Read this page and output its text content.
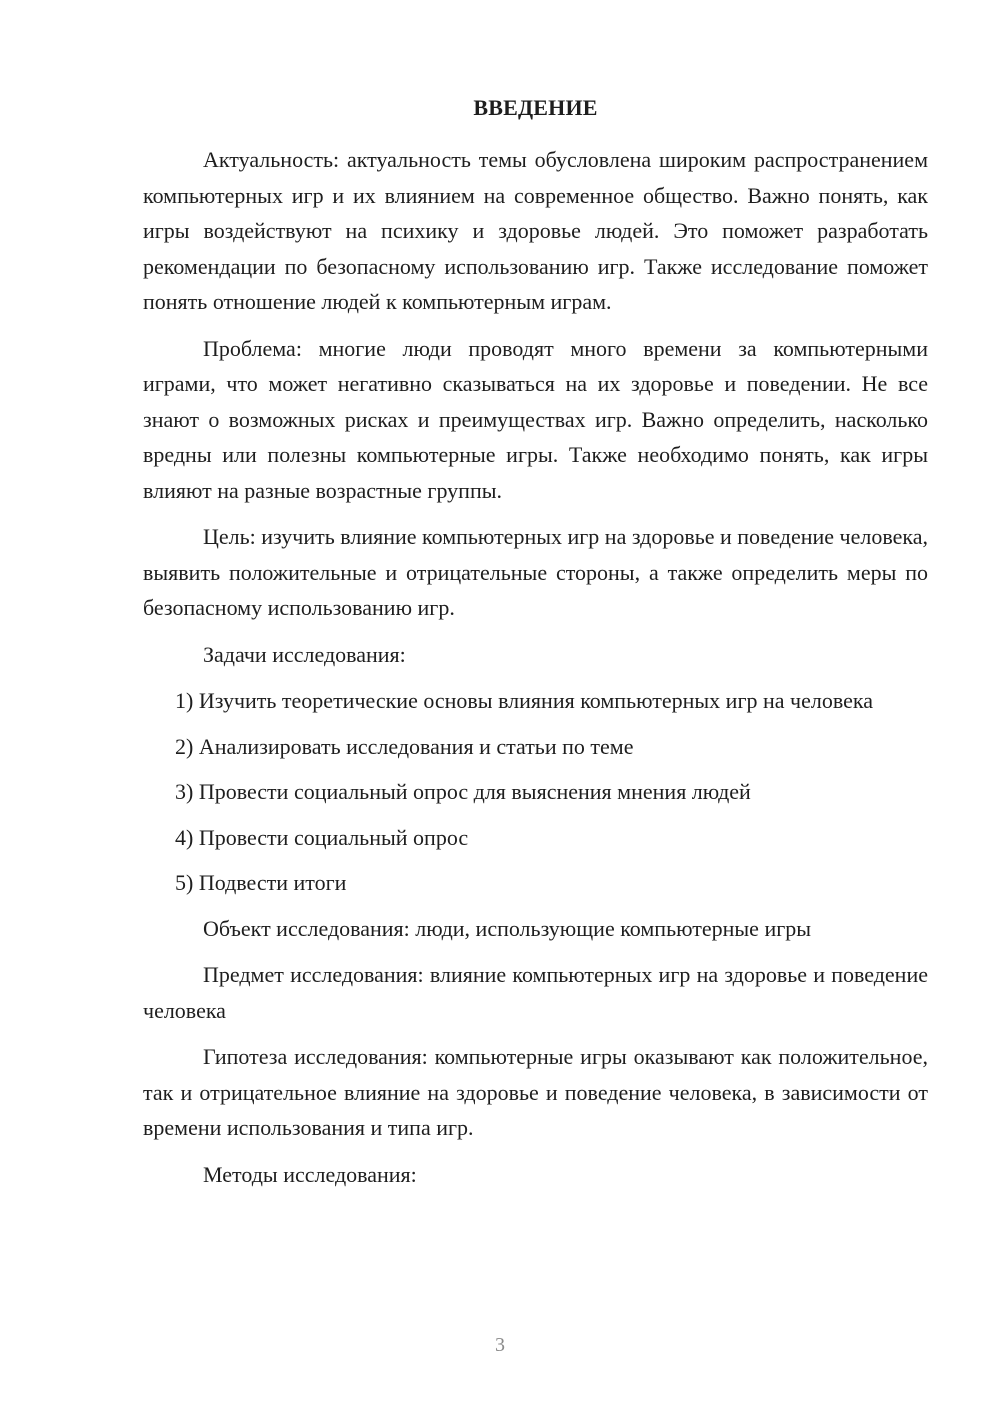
ВВЕДЕНИЕ

Актуальность: актуальность темы обусловлена широким распространением компьютерных игр и их влиянием на современное общество. Важно понять, как игры воздействуют на психику и здоровье людей. Это поможет разработать рекомендации по безопасному использованию игр. Также исследование поможет понять отношение людей к компьютерным играм.

Проблема: многие люди проводят много времени за компьютерными играми, что может негативно сказываться на их здоровье и поведении. Не все знают о возможных рисках и преимуществах игр. Важно определить, насколько вредны или полезны компьютерные игры. Также необходимо понять, как игры влияют на разные возрастные группы.

Цель: изучить влияние компьютерных игр на здоровье и поведение человека, выявить положительные и отрицательные стороны, а также определить меры по безопасному использованию игр.

Задачи исследования:

1) Изучить теоретические основы влияния компьютерных игр на человека

2) Анализировать исследования и статьи по теме

3) Провести социальный опрос для выяснения мнения людей

4) Провести социальный опрос

5) Подвести итоги

Объект исследования: люди, использующие компьютерные игры

Предмет исследования: влияние компьютерных игр на здоровье и поведение человека

Гипотеза исследования: компьютерные игры оказывают как положительное, так и отрицательное влияние на здоровье и поведение человека, в зависимости от времени использования и типа игр.

Методы исследования:

3
